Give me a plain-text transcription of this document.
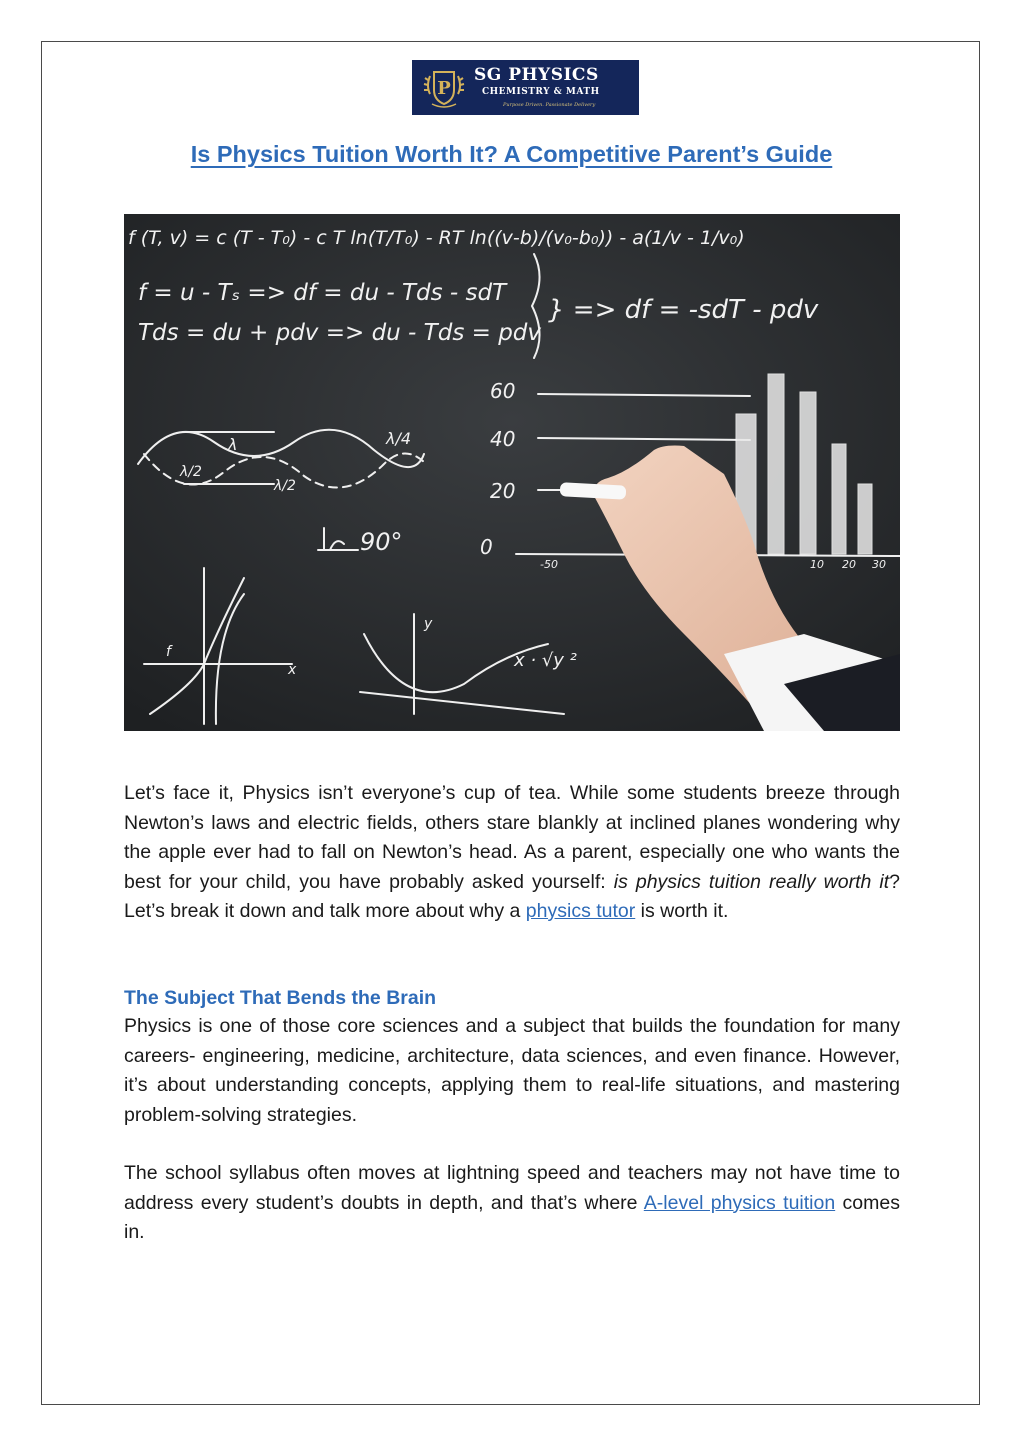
P
SG PHYSICS
CHEMISTRY & MATH
Purpose Driven. Passionate Delivery
Is Physics Tuition Worth It? A Competitive Parent’s Guide
f (T, v) = c (T - T₀) - c T ln(T/T₀) - RT ln((v-b)/(v₀-b₀)) - a(1/v - 1/v₀)
f = u - Tₛ => df = du - Tds - sdT
Tds = du + pdv => du - Tds = pdv
} => df = -sdT - pdv
60
40
20
0
λ	λ/4
λ/2
λ/2
90°
x
y
f	x · √y ²
-50	10 20 30

Let’s face it, Physics isn’t everyone’s cup of tea. While some students breeze through Newton’s laws and electric fields, others stare blankly at inclined planes wondering why the apple ever had to fall on Newton’s head. As a parent, especially one who wants the best for your child, you have probably asked yourself: is physics tuition really worth it? Let’s break it down and talk more about why a physics tutor is worth it.

The Subject That Bends the Brain

Physics is one of those core sciences and a subject that builds the foundation for many careers- engineering, medicine, architecture, data sciences, and even finance. However, it’s about understanding concepts, applying them to real-life situations, and mastering problem-solving strategies.

The school syllabus often moves at lightning speed and teachers may not have time to address every student’s doubts in depth, and that’s where A-level physics tuition comes in.
